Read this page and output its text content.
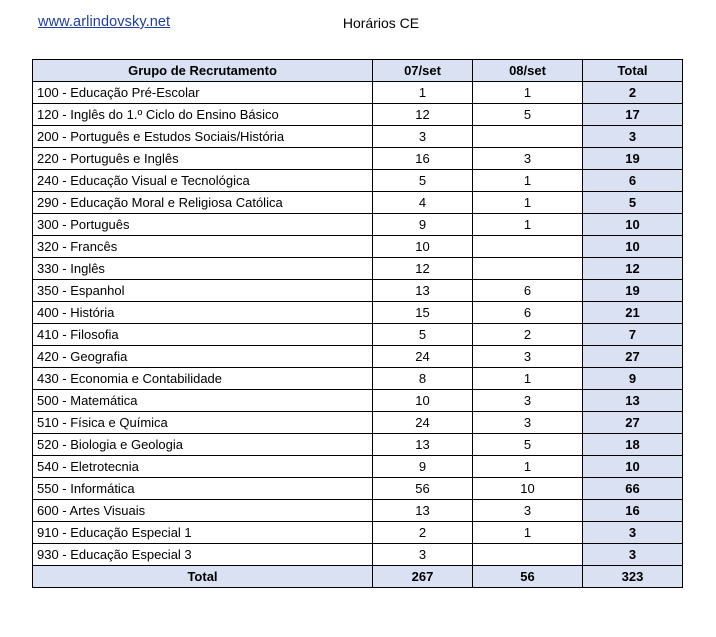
www.arlindovsky.net	Horários CE
Grupo de Recrutamento	07/set	08/set	Total
100 - Educação Pré-Escolar	1	1	2
120 - Inglês do 1.º Ciclo do Ensino Básico	12	5	17
200 - Português e Estudos Sociais/História	3		3
220 - Português e Inglês	16	3	19
240 - Educação Visual e Tecnológica	5	1	6
290 - Educação Moral e Religiosa Católica	4	1	5
300 - Português	9	1	10
320 - Francês	10		10
330 - Inglês	12		12
350 - Espanhol	13	6	19
400 - História	15	6	21
410 - Filosofia	5	2	7
420 - Geografia	24	3	27
430 - Economia e Contabilidade	8	1	9
500 - Matemática	10	3	13
510 - Física e Química	24	3	27
520 - Biologia e Geologia	13	5	18
540 - Eletrotecnia	9	1	10
550 - Informática	56	10	66
600 - Artes Visuais	13	3	16
910 - Educação Especial 1	2	1	3
930 - Educação Especial 3	3		3
Total	267	56	323
